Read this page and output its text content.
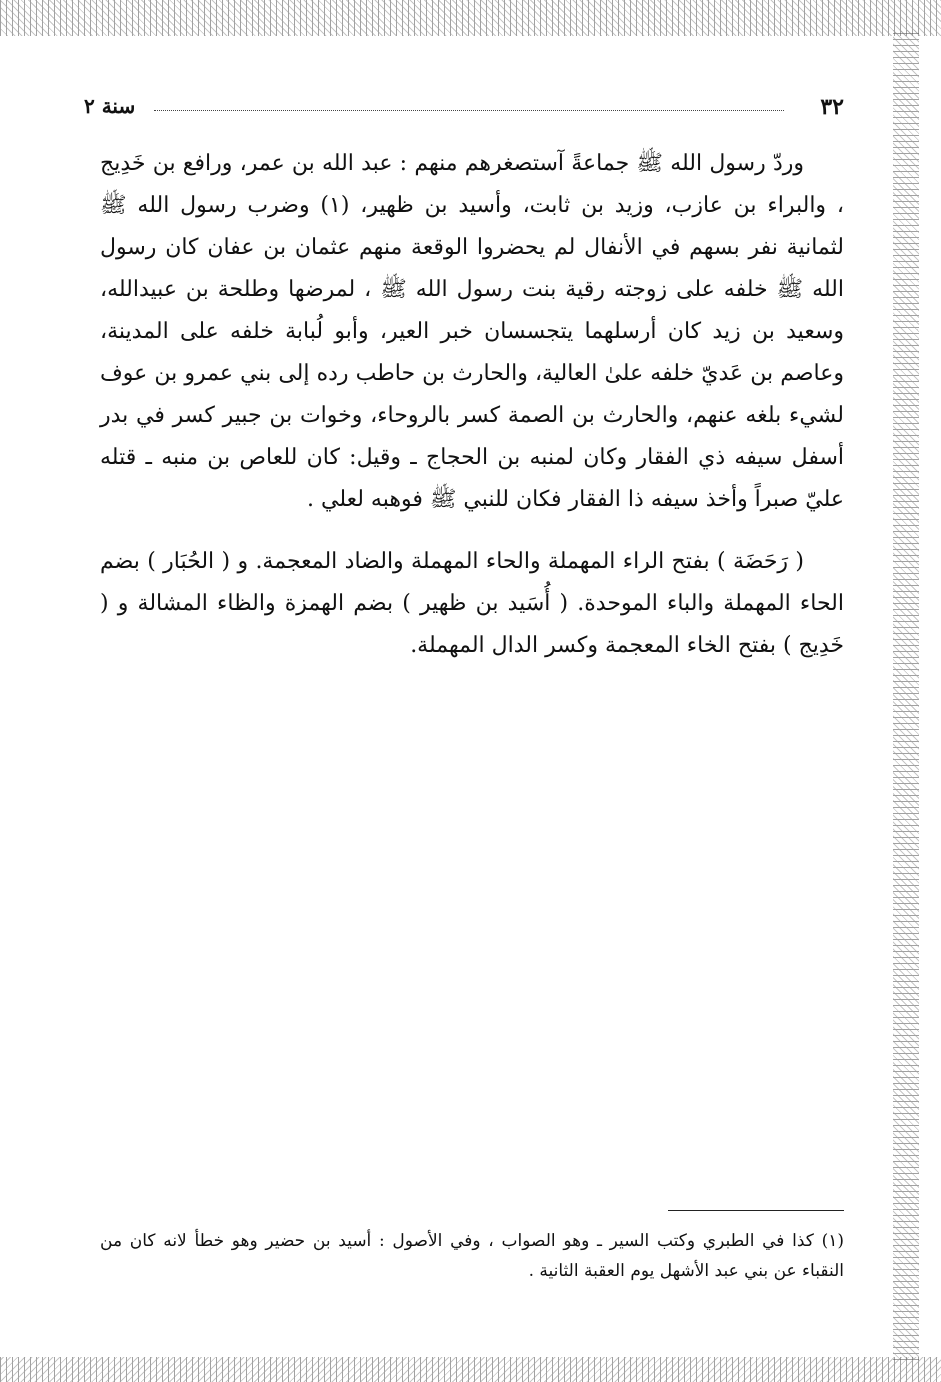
٣٢
سنة ٢

وردّ رسول الله ﷺ جماعةً آستصغرهم منهم : عبد الله بن عمر، ورافع بن خَدِيج ، والبراء بن عازب، وزيد بن ثابت، وأسيد بن ظهير، (١) وضرب رسول الله ﷺ لثمانية نفر بسهم في الأنفال لم يحضروا الوقعة منهم عثمان بن عفان كان رسول الله ﷺ خلفه على زوجته رقية بنت رسول الله ﷺ ، لمرضها وطلحة بن عبيدالله، وسعيد بن زيد كان أرسلهما يتجسسان خبر العير، وأبو لُبابة خلفه على المدينة، وعاصم بن عَديّ خلفه علىٰ العالية، والحارث بن حاطب رده إلى بني عمرو بن عوف لشيء بلغه عنهم، والحارث بن الصمة كسر بالروحاء، وخوات بن جبير كسر في بدر أسفل سيفه ذي الفقار وكان لمنبه بن الحجاج ـ وقيل: كان للعاص بن منبه ـ قتله عليّ صبراً وأخذ سيفه ذا الفقار فكان للنبي ﷺ فوهبه لعلي .

( رَحَضَة ) بفتح الراء المهملة والحاء المهملة والضاد المعجمة. و ( الحُبَار ) بضم الحاء المهملة والباء الموحدة. ( أُسَيد بن ظهير ) بضم الهمزة والظاء المشالة و ( خَدِيج ) بفتح الخاء المعجمة وكسر الدال المهملة.

(١) كذا في الطبري وكتب السير ـ وهو الصواب ، وفي الأصول : أسيد بن حضير وهو خطأ لانه كان من النقباء عن بني عبد الأشهل يوم العقبة الثانية .
